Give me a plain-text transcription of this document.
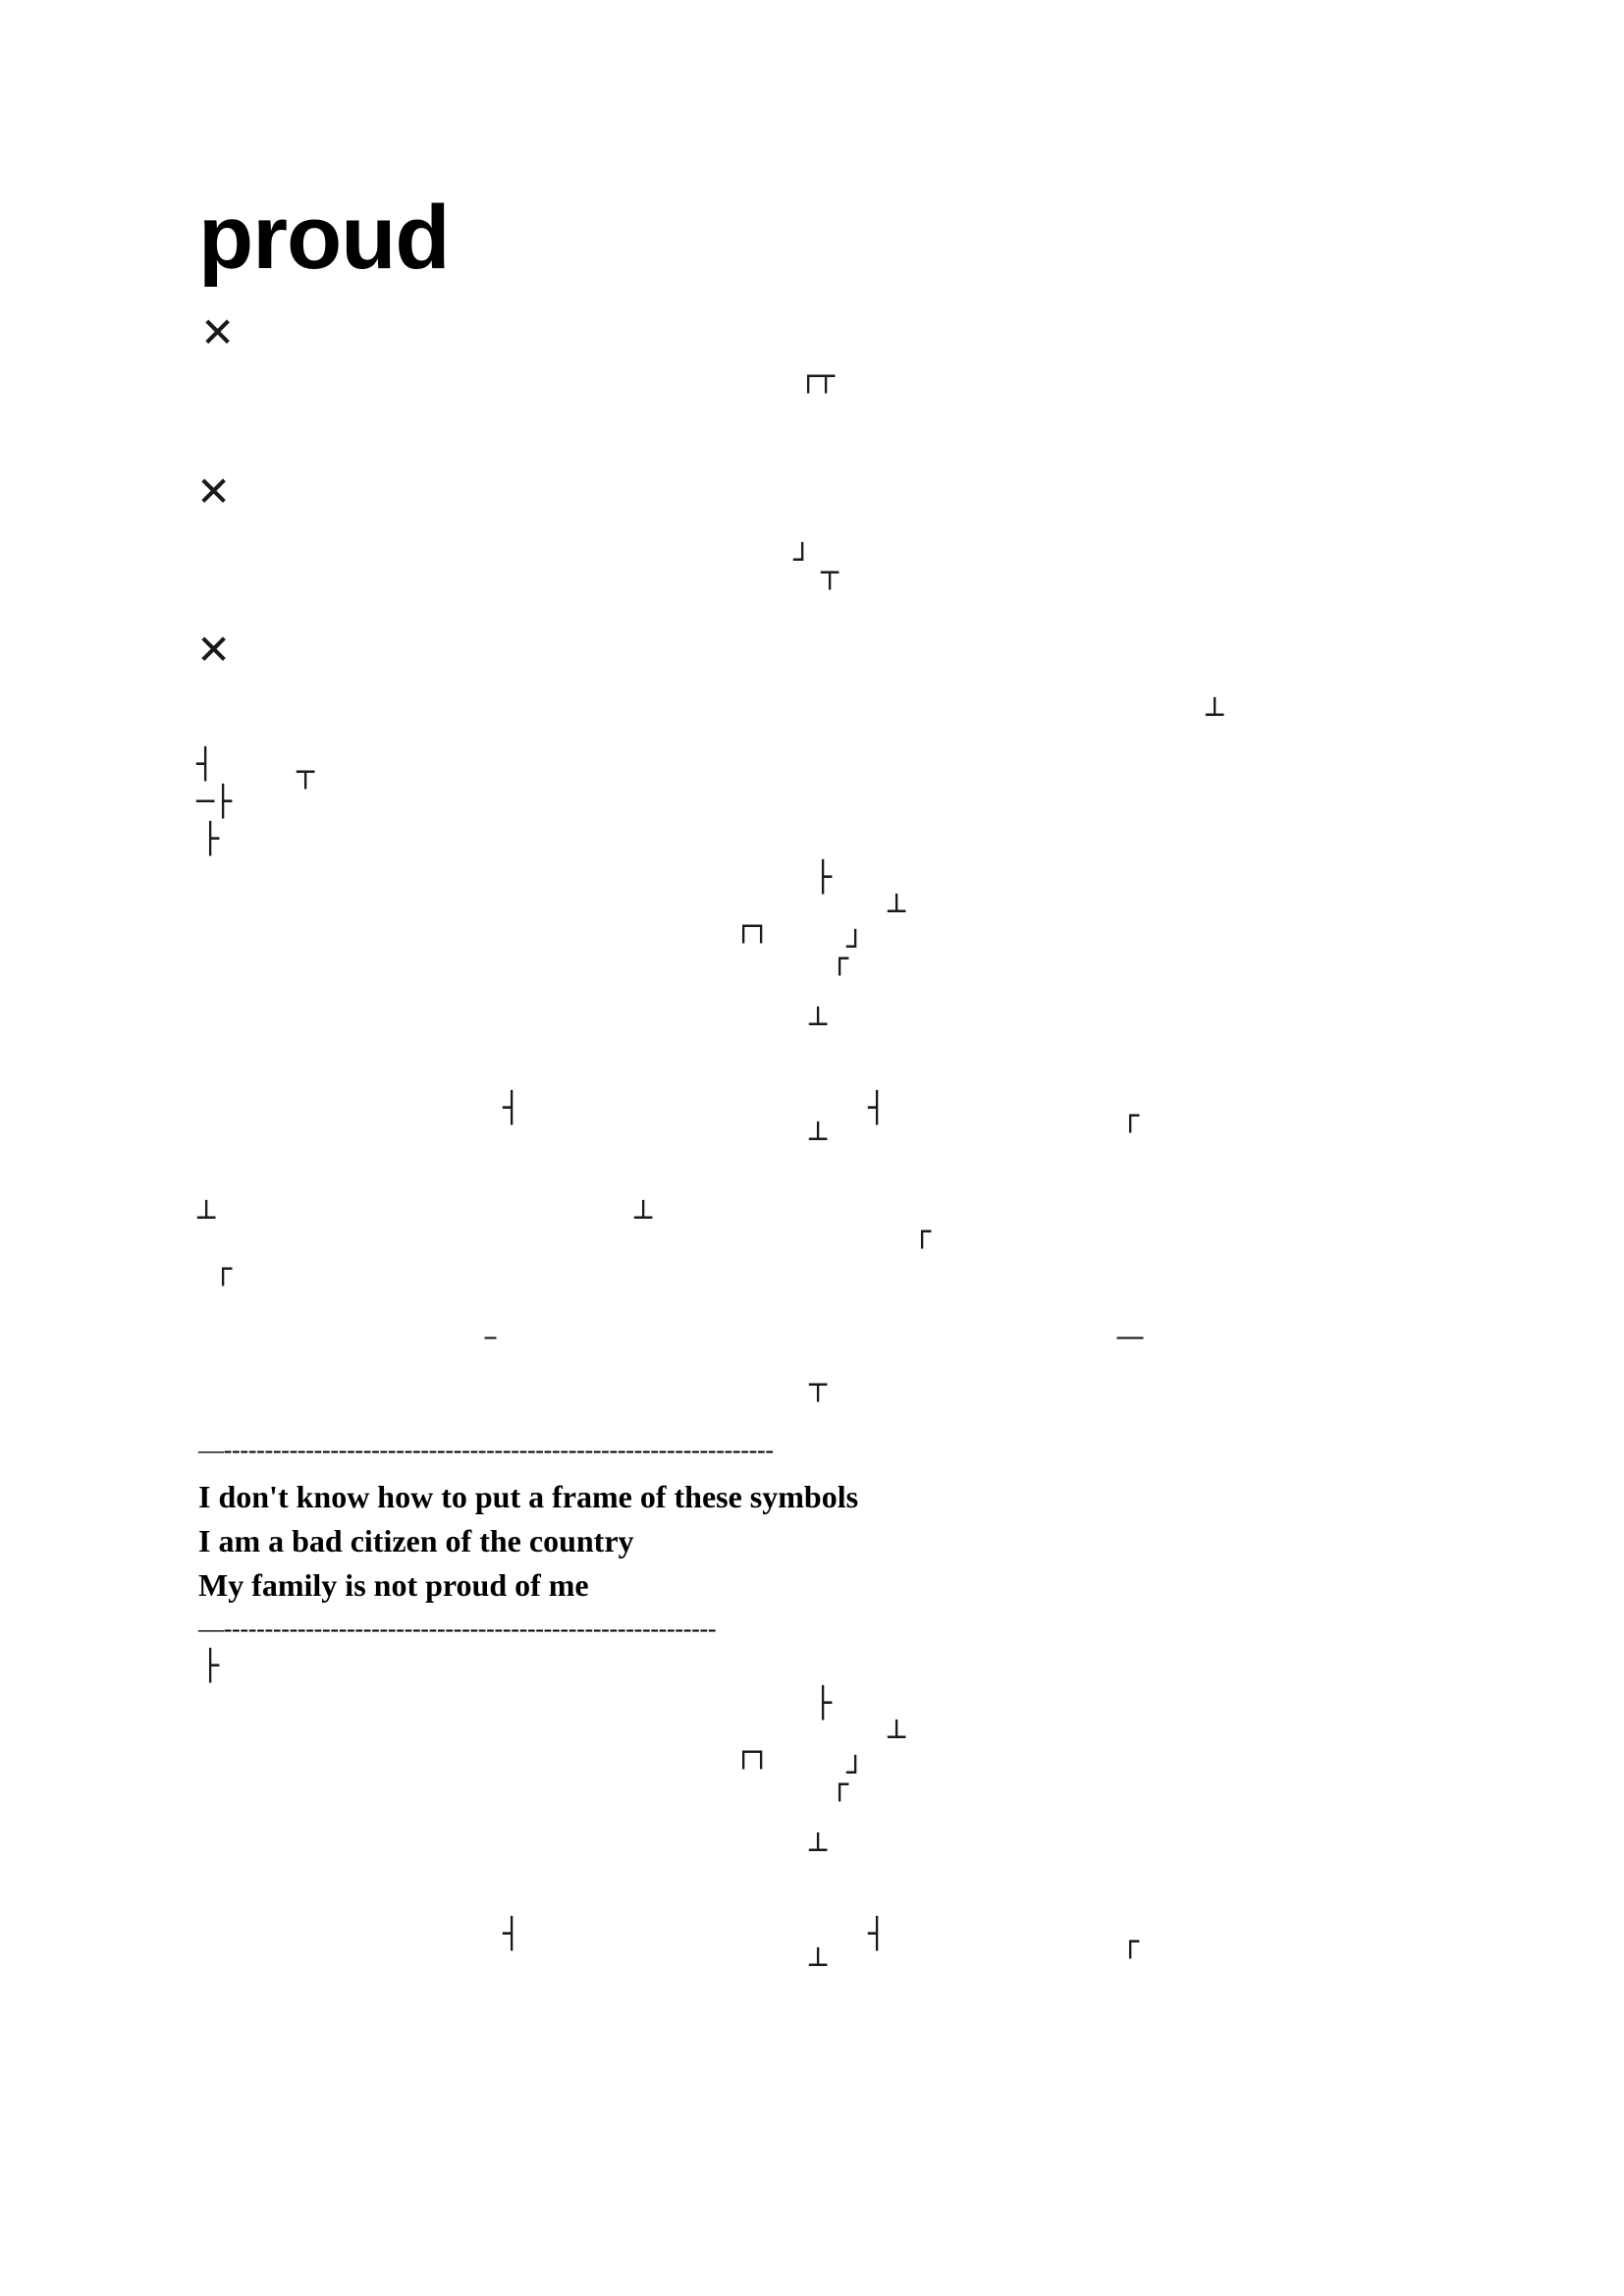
proud
✕
┌┬
✕
┘ ┬
✕
┴
┤	┬
─├
├
├
┌┐	┴
┌
┘
┴
┤	┤	┌
┴
┴	┴	┌
┌
–	—
┬
—-------------------------------------------------------------------

I don't know how to put a frame of these symbols

I am a bad citizen of the country

My family is not proud of me

—------------------------------------------------------------
├
├
┌┐	┴
┌
┘
┴
┤	┤	┌
┴
